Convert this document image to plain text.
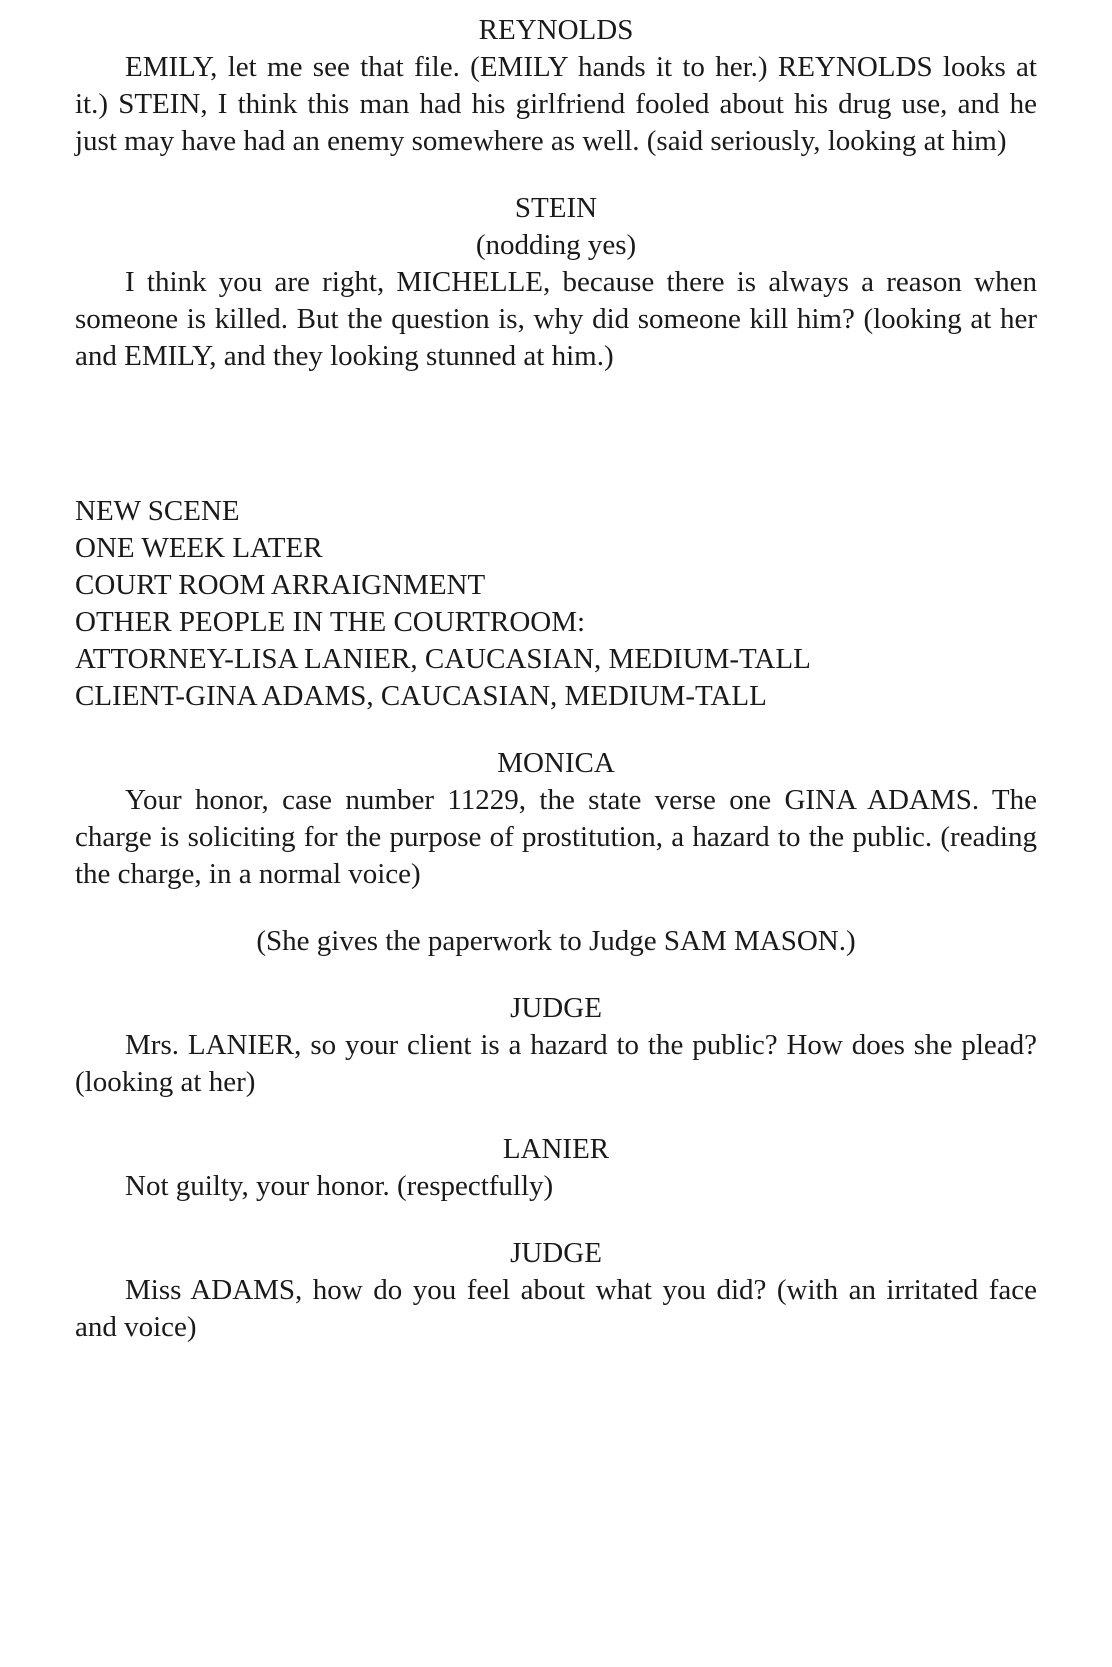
REYNOLDS

EMILY, let me see that file. (EMILY hands it to her.) REYNOLDS looks at it.) STEIN, I think this man had his girlfriend fooled about his drug use, and he just may have had an enemy somewhere as well. (said seriously, looking at him)

STEIN

(nodding yes)

I think you are right, MICHELLE, because there is always a reason when someone is killed. But the question is, why did someone kill him? (looking at her and EMILY, and they looking stunned at him.)

NEW SCENE
ONE WEEK LATER
COURT ROOM ARRAIGNMENT
OTHER PEOPLE IN THE COURTROOM:
ATTORNEY-LISA LANIER, CAUCASIAN, MEDIUM-TALL
CLIENT-GINA ADAMS, CAUCASIAN, MEDIUM-TALL

MONICA

Your honor, case number 11229, the state verse one GINA ADAMS. The charge is soliciting for the purpose of prostitution, a hazard to the public. (reading the charge, in a normal voice)

(She gives the paperwork to Judge SAM MASON.)

JUDGE

Mrs. LANIER, so your client is a hazard to the public? How does she plead? (looking at her)

LANIER

Not guilty, your honor. (respectfully)

JUDGE

Miss ADAMS, how do you feel about what you did? (with an irritated face and voice)
